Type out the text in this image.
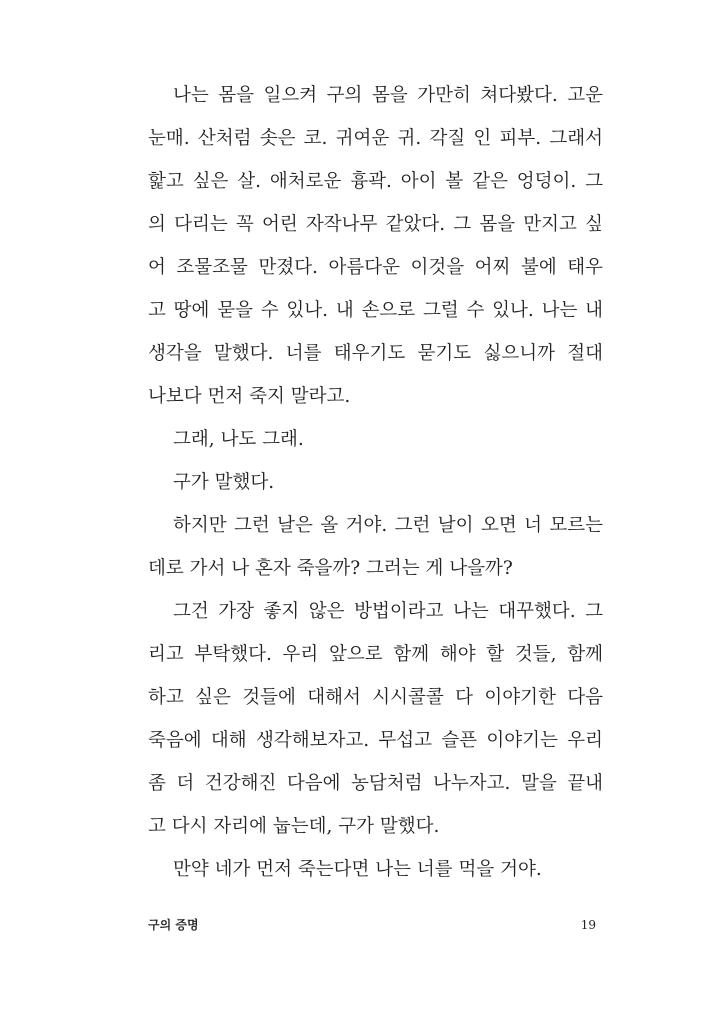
나는 몸을 일으켜 구의 몸을 가만히 쳐다봤다. 고운
눈매. 산처럼 솟은 코. 귀여운 귀. 각질 인 피부. 그래서
핥고 싶은 살. 애처로운 흉곽. 아이 볼 같은 엉덩이. 그
의 다리는 꼭 어린 자작나무 같았다. 그 몸을 만지고 싶
어 조물조물 만졌다. 아름다운 이것을 어찌 불에 태우
고 땅에 묻을 수 있나. 내 손으로 그럴 수 있나. 나는 내
생각을 말했다. 너를 태우기도 묻기도 싫으니까 절대
나보다 먼저 죽지 말라고.
그래, 나도 그래.
구가 말했다.
하지만 그런 날은 올 거야. 그런 날이 오면 너 모르는
데로 가서 나 혼자 죽을까? 그러는 게 나을까?
그건 가장 좋지 않은 방법이라고 나는 대꾸했다. 그
리고 부탁했다. 우리 앞으로 함께 해야 할 것들, 함께
하고 싶은 것들에 대해서 시시콜콜 다 이야기한 다음
죽음에 대해 생각해보자고. 무섭고 슬픈 이야기는 우리
좀 더 건강해진 다음에 농담처럼 나누자고. 말을 끝내
고 다시 자리에 눕는데, 구가 말했다.
만약 네가 먼저 죽는다면 나는 너를 먹을 거야.
구의 증명	19
